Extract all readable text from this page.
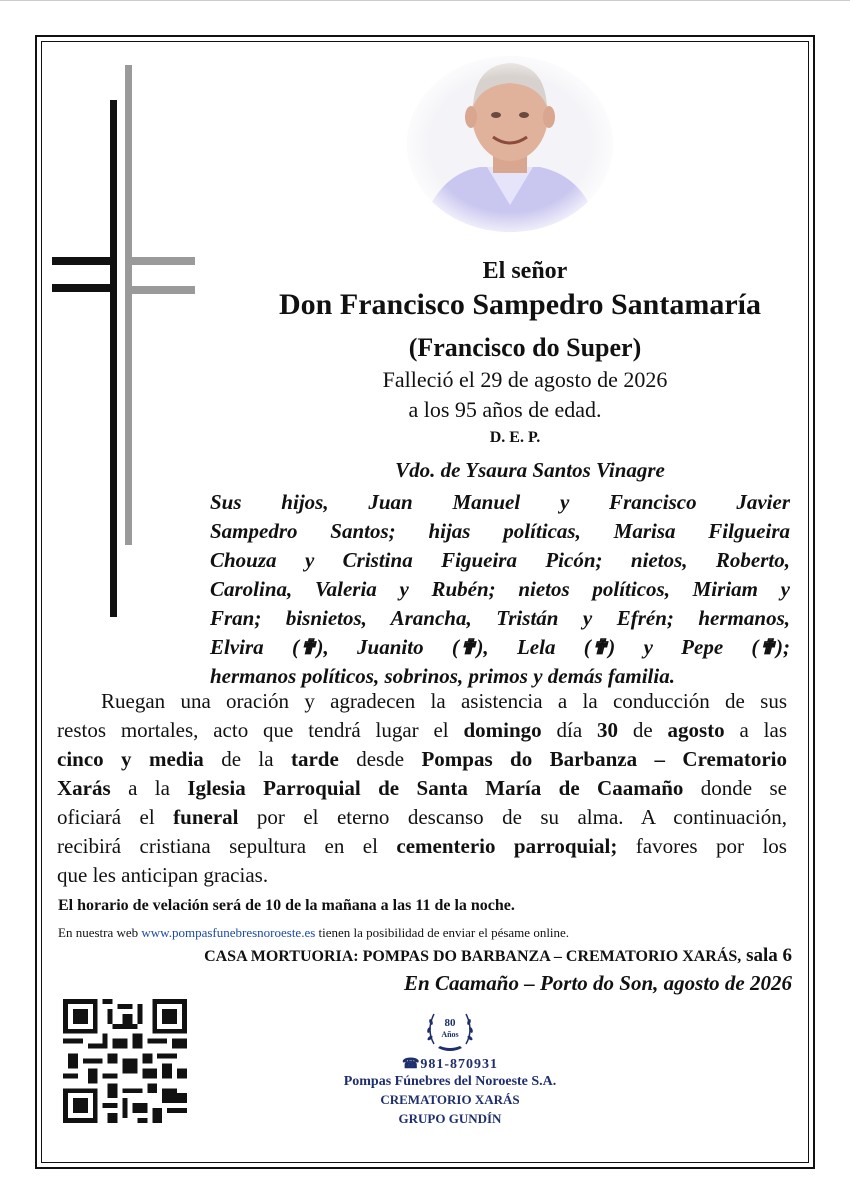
El señor
Don Francisco Sampedro Santamaría
(Francisco do Super)
Falleció el 29 de agosto de 2026
a los 95 años de edad.
D. E. P.
Vdo. de Ysaura Santos Vinagre
Sus hijos, Juan Manuel y Francisco Javier
Sampedro Santos; hijas políticas, Marisa Filgueira
Chouza y Cristina Figueira Picón; nietos, Roberto,
Carolina, Valeria y Rubén; nietos políticos, Miriam y
Fran; bisnietos, Arancha, Tristán y Efrén; hermanos,
Elvira (✟), Juanito (✟), Lela (✟) y Pepe (✟);
hermanos políticos, sobrinos, primos y demás familia.
Ruegan una oración y agradecen la asistencia a la conducción de sus
restos mortales, acto que tendrá lugar el domingo día 30 de agosto a las
cinco y media de la tarde desde Pompas do Barbanza – Crematorio
Xarás a la Iglesia Parroquial de Santa María de Caamaño donde se
oficiará el funeral por el eterno descanso de su alma. A continuación,
recibirá cristiana sepultura en el cementerio parroquial; favores por los
que les anticipan gracias.
El horario de velación será de 10 de la mañana a las 11 de la noche.
En nuestra web www.pompasfunebresnoroeste.es tienen la posibilidad de enviar el pésame online.
CASA MORTUORIA: POMPAS DO BARBANZA – CREMATORIO XARÁS, sala 6
En Caamaño – Porto do Son, agosto de 2026
80
Años
☎981-870931
Pompas Fúnebres del Noroeste S.A.
CREMATORIO XARÁS
GRUPO GUNDÍN
